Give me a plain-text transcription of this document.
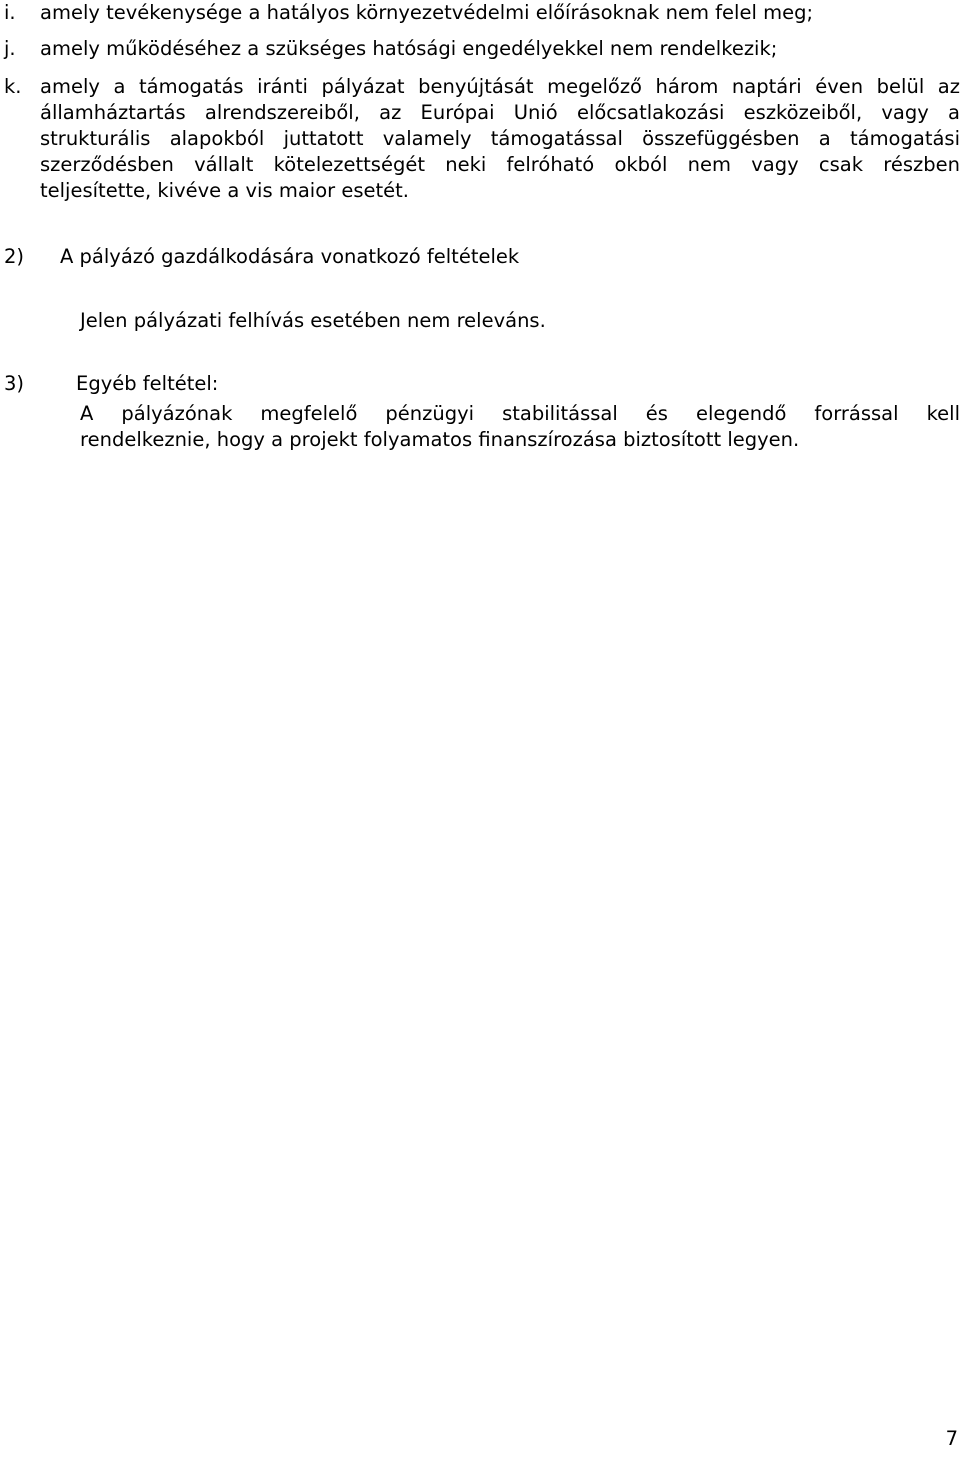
i. amely tevékenysége a hatályos környezetvédelmi előírásoknak nem felel meg;
j. amely működéséhez a szükséges hatósági engedélyekkel nem rendelkezik;
k. amely a támogatás iránti pályázat benyújtását megelőző három naptári éven belül az
államháztartás alrendszereiből, az Európai Unió előcsatlakozási eszközeiből, vagy a
strukturális alapokból juttatott valamely támogatással összefüggésben a támogatási
szerződésben vállalt kötelezettségét neki felróható okból nem vagy csak részben
teljesítette, kivéve a vis maior esetét.
2) A pályázó gazdálkodására vonatkozó feltételek
Jelen pályázati felhívás esetében nem releváns.
3)	Egyéb feltétel:
A pályázónak megfelelő pénzügyi stabilitással és elegendő forrással kell
rendelkeznie, hogy a projekt folyamatos finanszírozása biztosított legyen.
7
